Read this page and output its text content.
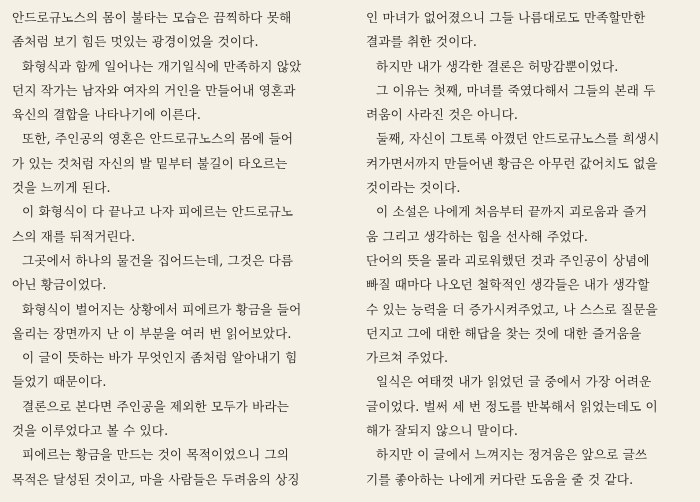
안드로규노스의 몸이 불타는 모습은 끔찍하다 못해
좀처럼 보기 힘든 멋있는 광경이었을 것이다.
화형식과 함께 일어나는 개기일식에 만족하지 않았
던지 작가는 남자와 여자의 거인을 만들어내 영혼과
육신의 결합을 나타나기에 이른다.
또한, 주인공의 영혼은 안드로규노스의 몸에 들어
가 있는 것처럼 자신의 발 밑부터 불길이 타오르는
것을 느끼게 된다.
이 화형식이 다 끝나고 나자 피에르는 안드로규노
스의 재를 뒤적거린다.
그곳에서 하나의 물건을 집어드는데, 그것은 다름
아닌 황금이었다.
화형식이 벌어지는 상황에서 피에르가 황금을 들어
올리는 장면까지 난 이 부분을 여러 번 읽어보았다.
이 글이 뜻하는 바가 무엇인지 좀처럼 알아내기 힘
들었기 때문이다.
결론으로 본다면 주인공을 제외한 모두가 바라는
것을 이루었다고 볼 수 있다.
피에르는 황금을 만드는 것이 목적이었으니 그의
목적은 달성된 것이고, 마을 사람들은 두려움의 상징
인 마녀가 없어졌으니 그들 나름대로도 만족할만한
결과를 취한 것이다.
하지만 내가 생각한 결론은 허망감뿐이었다.
그 이유는 첫째, 마녀를 죽였다해서 그들의 본래 두
려움이 사라진 것은 아니다.
둘째, 자신이 그토록 아꼈던 안드로규노스를 희생시
켜가면서까지 만들어낸 황금은 아무런 값어치도 없을
것이라는 것이다.
이 소설은 나에게 처음부터 끝까지 괴로움과 즐거
움 그리고 생각하는 힘을 선사해 주었다.
단어의 뜻을 몰라 괴로워했던 것과 주인공이 상념에
빠질 때마다 나오던 철학적인 생각들은 내가 생각할
수 있는 능력을 더 증가시켜주었고, 나 스스로 질문을
던지고 그에 대한 해답을 찾는 것에 대한 즐거움을
가르쳐 주었다.
일식은 여태껏 내가 읽었던 글 중에서 가장 어려운
글이었다. 벌써 세 번 정도를 반복해서 읽었는데도 이
해가 잘되지 않으니 말이다.
하지만 이 글에서 느껴지는 정겨움은 앞으로 글쓰
기를 좋아하는 나에게 커다란 도움을 줄 것 같다.
